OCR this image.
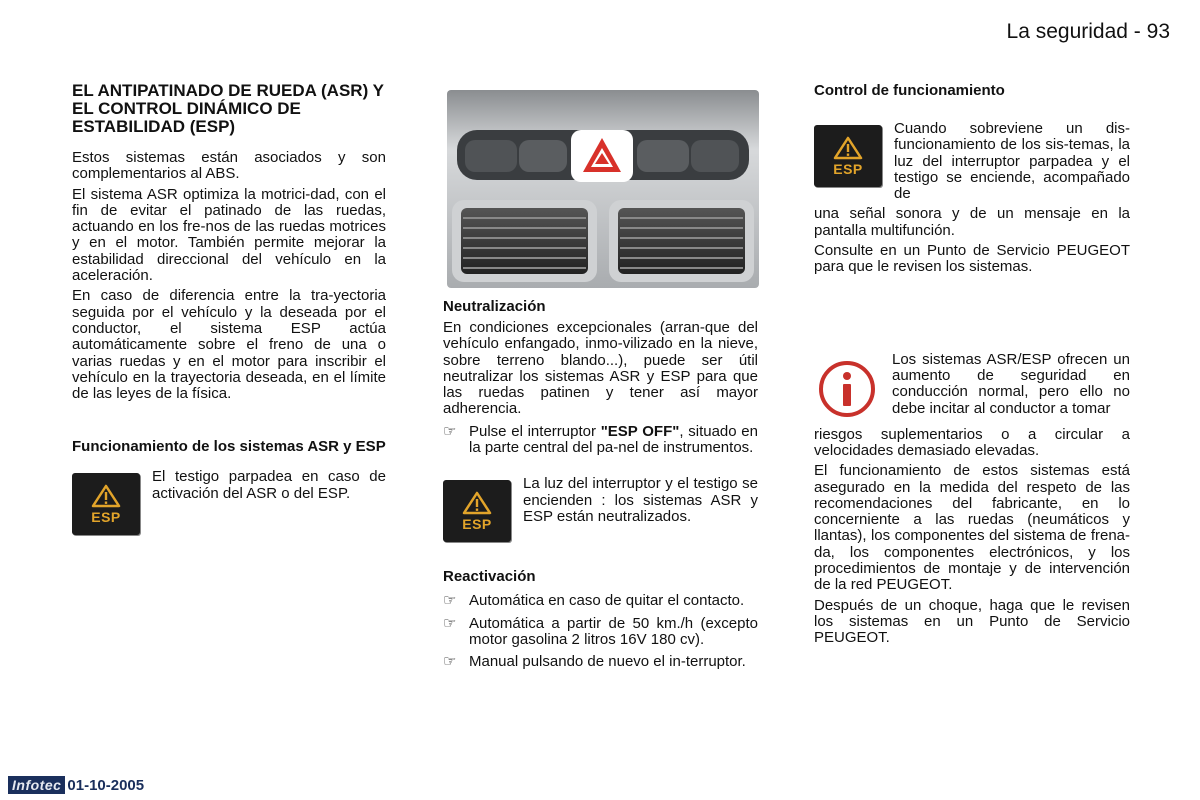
La seguridad - 93
EL ANTIPATINADO DE RUEDA (ASR) Y EL CONTROL DINÁMICO DE ESTABILIDAD (ESP)

Estos sistemas están asociados y son complementarios al ABS.

El sistema ASR optimiza la motrici-dad, con el fin de evitar el patinado de las ruedas, actuando en los fre-nos de las ruedas motrices y en el motor. También permite mejorar la estabilidad direccional del vehículo en la aceleración.

En caso de diferencia entre la tra-yectoria seguida por el vehículo y la deseada por el conductor, el sistema ESP actúa automáticamente sobre el freno de una o varias ruedas y en el motor para inscribir el vehículo en la trayectoria deseada, en el límite de las leyes de la física.

Funcionamiento de los sistemas ASR y ESP
ESP

El testigo parpadea en caso de activación del ASR o del ESP.

Neutralización

En condiciones excepcionales (arran-que del vehículo enfangado, inmo-vilizado en la nieve, sobre terreno blando...), puede ser útil neutralizar los sistemas ASR y ESP para que las ruedas patinen y tener así mayor adherencia.

☞ Pulse el interruptor "ESP OFF", situado en la parte central del pa-nel de instrumentos.

ESP

La luz del interruptor y el testigo se encienden : los sistemas ASR y ESP están neutralizados.

Reactivación
☞ Automática en caso de quitar el contacto.

☞ Automática a partir de 50 km./h (excepto motor gasolina 2 litros 16V 180 cv).

☞ Manual pulsando de nuevo el in-terruptor.

Control de funcionamiento
ESP

Cuando sobreviene un dis-funcionamiento de los sis-temas, la luz del interruptor parpadea y el testigo se enciende, acompañado de

una señal sonora y de un mensaje en la pantalla multifunción.

Consulte en un Punto de Servicio PEUGEOT para que le revisen los sistemas.

Los sistemas ASR/ESP ofrecen un aumento de seguridad en conducción normal, pero ello no debe incitar al conductor a tomar

riesgos suplementarios o a circular a velocidades demasiado elevadas.

El funcionamiento de estos sistemas está asegurado en la medida del respeto de las recomendaciones del fabricante, en lo concerniente a las ruedas (neumáticos y llantas), los componentes del sistema de frena-da, los componentes electrónicos, y los procedimientos de montaje y de intervención de la red PEUGEOT.

Después de un choque, haga que le revisen los sistemas en un Punto de Servicio PEUGEOT.

Infotec 01-10-2005
